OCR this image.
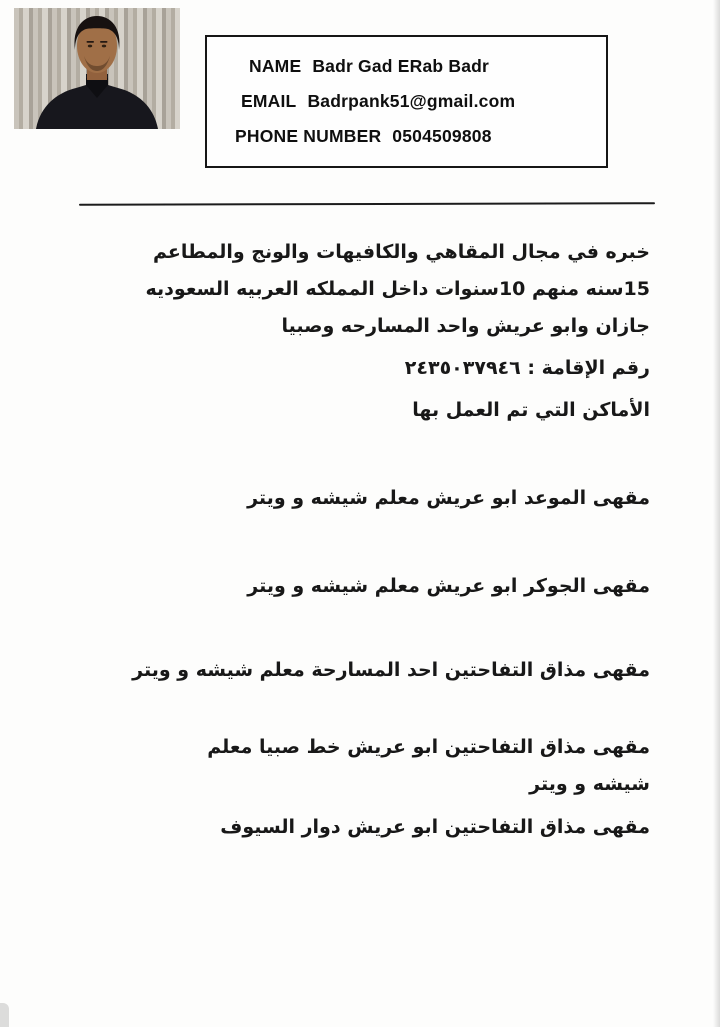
NAME Badr Gad ERab Badr
EMAIL Badrpank51@gmail.com
PHONE NUMBER 0504509808
خبره في مجال المقاهي والكافيهات والونج والمطاعم
15سنه منهم 10سنوات داخل المملكه العربيه السعوديه
جازان وابو عريش واحد المسارحه وصبيا
رقم الإقامة : ٢٤٣٥٠٣٧٩٤٦
الأماكن التي تم العمل بها
مقهى الموعد ابو عريش معلم شيشه و ويتر
مقهى الجوكر ابو عريش معلم شيشه و ويتر
مقهى مذاق التفاحتين احد المسارحة معلم شيشه و ويتر
مقهى مذاق التفاحتين ابو عريش خط صبيا معلم شيشه و ويتر
مقهى مذاق التفاحتين ابو عريش دوار السيوف
